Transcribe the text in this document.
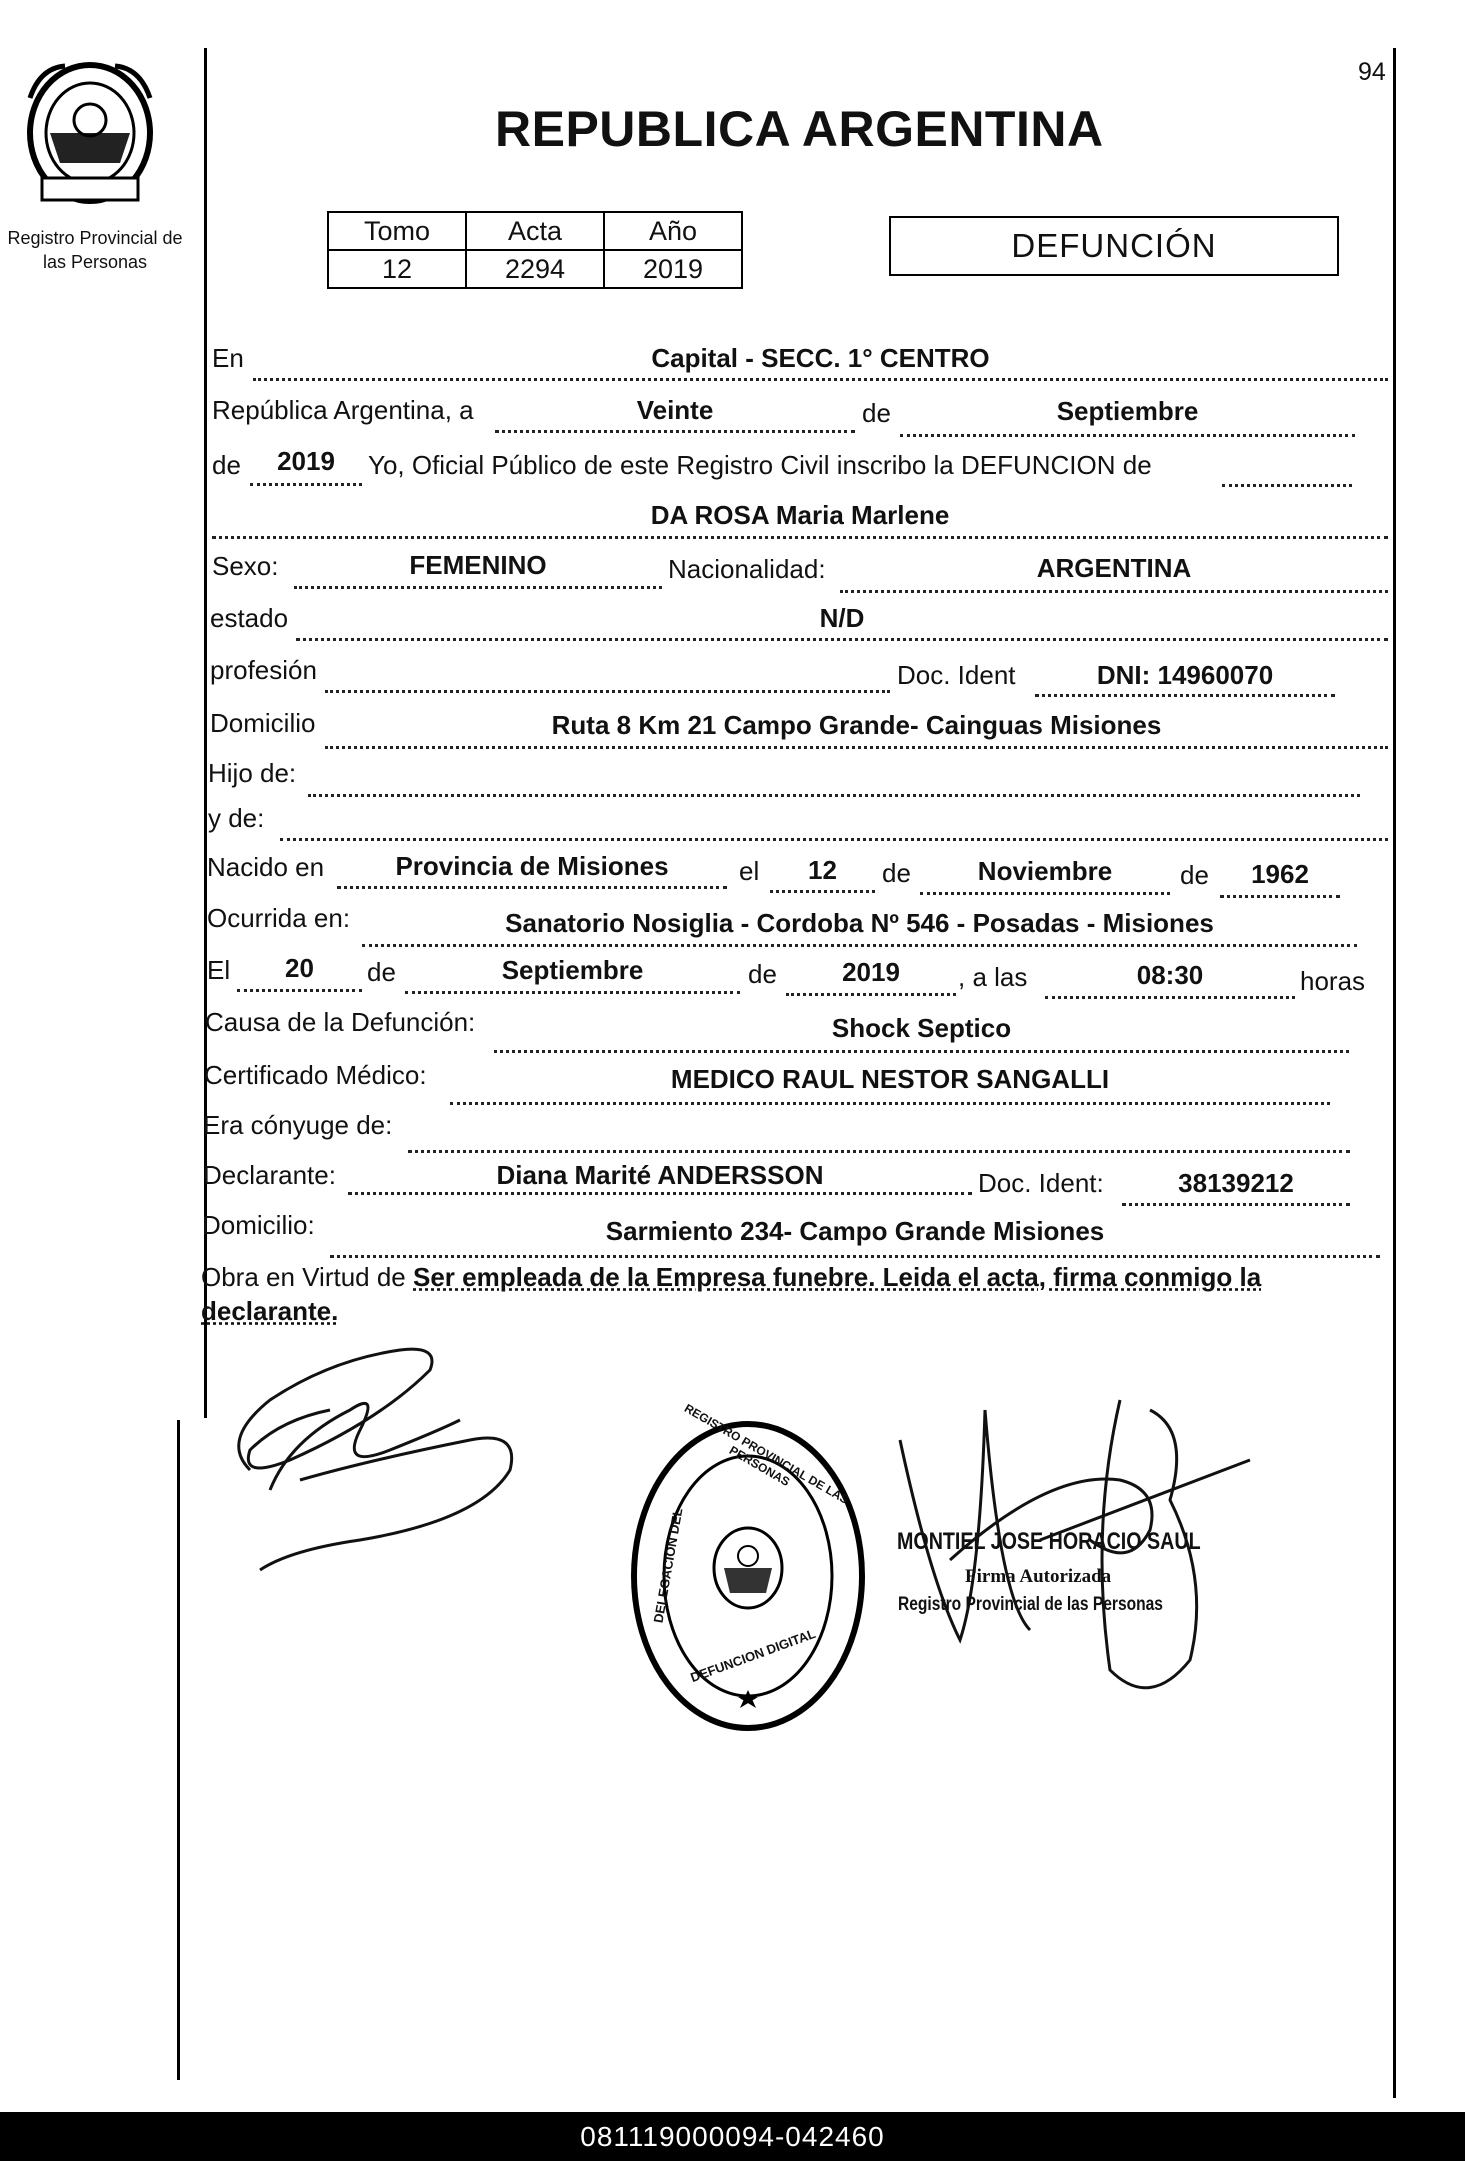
94
REPUBLICA ARGENTINA
Registro Provincial de
las Personas
Tomo	Acta	Año
12	2294	2019
DEFUNCIÓN
En	Capital - SECC. 1° CENTRO
República Argentina, a	Veinte	de	Septiembre
de	2019	Yo, Oficial Público de este Registro Civil inscribo la DEFUNCION de
DA ROSA Maria Marlene
Sexo:	FEMENINO	Nacionalidad:	ARGENTINA
estado	N/D
profesión	Doc. Ident	DNI: 14960070
Domicilio	Ruta 8 Km 21 Campo Grande- Cainguas Misiones
Hijo de:
y de:
Nacido en	Provincia de Misiones	el	12	de	Noviembre	de	1962
Ocurrida en:	Sanatorio Nosiglia - Cordoba Nº 546 - Posadas - Misiones
El	20	de	Septiembre	de	2019	, a las	08:30	horas
Causa de la Defunción:	Shock Septico
Certificado Médico:	MEDICO RAUL NESTOR SANGALLI
Era cónyuge de:
Declarante:	Diana Marité ANDERSSON	Doc. Ident:	38139212
Domicilio:	Sarmiento 234- Campo Grande Misiones
Obra en Virtud de Ser empleada de la Empresa funebre. Leida el acta, firma conmigo la declarante.
REGISTRO PROVINCIAL DE LAS PERSONAS
DELEGACION DEL
DEFUNCION DIGITAL
MONTIEL JOSE HORACIO SAUL
Firma Autorizada
Registro Provincial de las Personas
081119000094-042460
